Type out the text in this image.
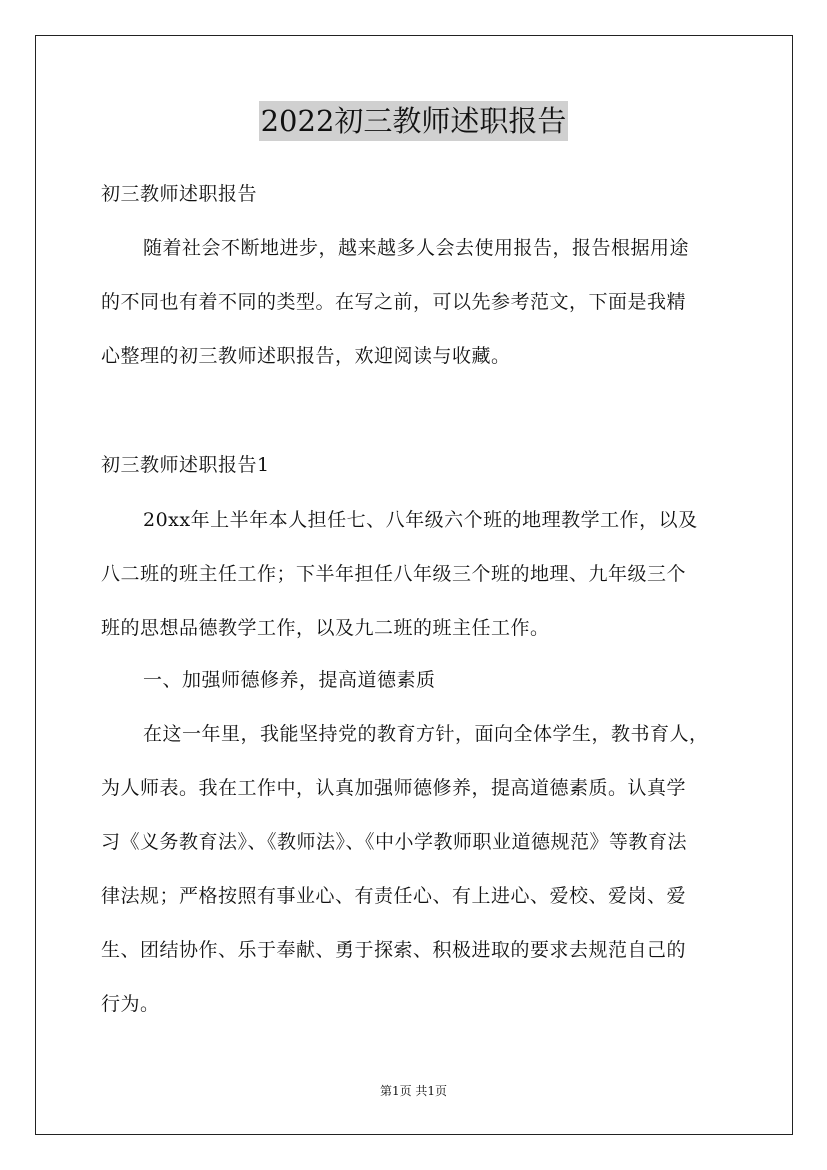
2022初三教师述职报告
初三教师述职报告
随着社会不断地进步，越来越多人会去使用报告，报告根据用途
的不同也有着不同的类型。在写之前，可以先参考范文，下面是我精
心整理的初三教师述职报告，欢迎阅读与收藏。
初三教师述职报告1
20xx年上半年本人担任七、八年级六个班的地理教学工作，以及
八二班的班主任工作；下半年担任八年级三个班的地理、九年级三个
班的思想品德教学工作，以及九二班的班主任工作。
一、加强师德修养，提高道德素质
在这一年里，我能坚持党的教育方针，面向全体学生，教书育人，
为人师表。我在工作中，认真加强师德修养，提高道德素质。认真学
习《义务教育法》、《教师法》、《中小学教师职业道德规范》等教育法
律法规；严格按照有事业心、有责任心、有上进心、爱校、爱岗、爱
生、团结协作、乐于奉献、勇于探索、积极进取的要求去规范自己的
行为。
第1页 共1页
